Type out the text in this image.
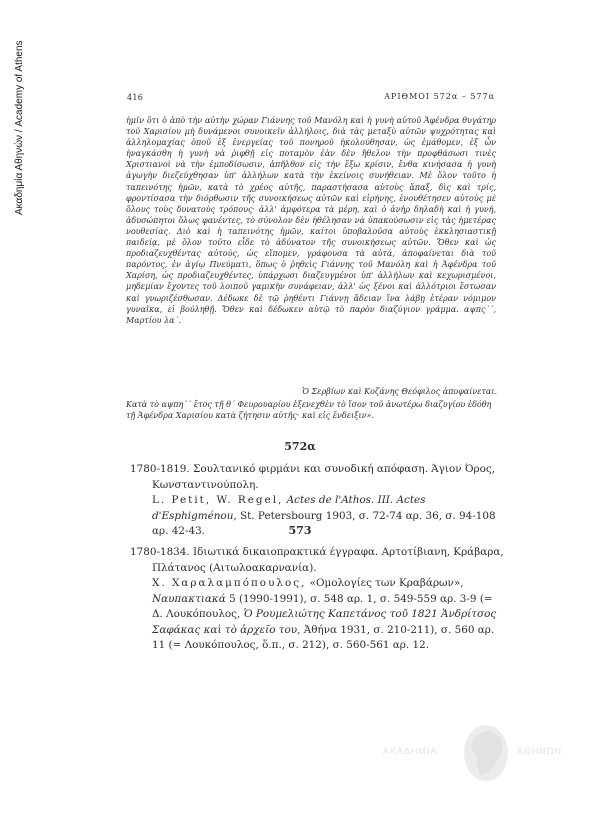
Ακαδημία Αθηνών / Academy of Athens	416	ΑΡΙΘΜΟΙ 572α – 577α

ἡμῖν ὅτι ὁ ἀπὸ τὴν αὐτὴν χώραν Γιάννης τοῦ Μανόλη καὶ ἡ γυνὴ αὐτοῦ Ἀφένδρα θυγάτηρ τοῦ Χαρισίου μὴ δυνάμενοι συνοικεῖν ἀλλήλοις, διὰ τὰς μεταξὺ αὐτῶν ψυχρότητας καὶ ἀλληλομαχίας ὁποῦ ἐξ ἐνεργείας τοῦ πονηροῦ ἠκολούθησαν, ὡς ἐμάθομεν, ἐξ ὧν ἠναγκάσθη ἡ γυνὴ νὰ ῥιφθῇ εἰς ποταμὸν ἐὰν δὲν ἤθελον τὴν προφθάσωσι τινὲς Χριστιανοὶ νὰ τὴν ἐμποδίσωσιν, ἀπῆλθον εἰς τὴν ἔξω κρίσιν, ἔνθα κινήσασα ἡ γυνὴ ἀγωγὴν διεζεύχθησαν ὑπ' ἀλλήλων κατὰ τὴν ἐκείνοις συνήθειαν. Μὲ ὅλον τοῦτο ἡ ταπεινότης ἡμῶν, κατὰ τὸ χρέος αὐτῆς, παραστήσασα αὐτοὺς ἅπαξ, δὶς καὶ τρίς, φροντίσασα τὴν διόρθωσιν τῆς συνοικήσεως αὐτῶν καὶ εἰρήνης, ἐνουθέτησεν αὐτοὺς μὲ ὅλους τοὺς δυνατοὺς τρόπους· ἀλλ' ἀμφότερα τὰ μέρη, καὶ ὁ ἀνὴρ δηλαδὴ καὶ ἡ γυνή, ἀδυσώπητοι ὅλως φανέντες, τὸ σύνολον δὲν ἠθέλησαν νὰ ὑπακούσωσιν εἰς τὰς ἡμετέρας νουθεσίας. Διὸ καὶ ἡ ταπεινότης ἡμῶν, καίτοι ὑποβαλοῦσα αὐτοὺς ἐκκλησιαστικῇ παιδείᾳ, μὲ ὅλον τοῦτο εἶδε τὸ ἀδύνατον τῆς συνοικήσεως αὐτῶν. Ὅθεν καὶ ὡς προδιαζευχθέντας αὐτούς, ὡς εἴπομεν, γράφουσα τὰ αὐτά, ἀποφαίνεται διὰ τοῦ παρόντος, ἐν ἁγίῳ Πνεύματι, ὅπως ὁ ῥηθεὶς Γιάννης τοῦ Μανόλη καὶ ἡ Ἀφένδρα τοῦ Χαρίση, ὡς προδιαζευχθέντες, ὑπάρχωσι διαζευγμένοι ὑπ' ἀλλήλων καὶ κεχωρισμένοι, μηδεμίαν ἔχοντες τοῦ λοιποῦ γαμικὴν συνάφειαν, ἀλλ' ὡς ξένοι καὶ ἀλλότριοι ἔστωσαν καὶ γνωριζέσθωσαν. Δέδωκε δὲ τῷ ῥηθέντι Γιάννῃ ἄδειαν ἵνα λάβῃ ἑτέραν νόμιμον γυναῖκα, εἰ βούληθῇ. Ὅθεν καὶ δέδωκεν αὐτῷ τὸ παρὸν διαζύγιον γράμμα. αψπς΄΄, Μαρτίου λα΄.

Ὁ Σερβίων καὶ Κοζάνης Θεόφιλος ἀποφαίνεται.
Κατὰ τὸ αψπη΄΄ ἔτος τῇ θ΄ Φευρουαρίου ἐξενεχθὲν τὸ ἴσον τοῦ ἀνωτέρω διαζυγίου ἐδόθη τῇ Ἀφένδρα Χαρισίου κατὰ ζήτησιν αὐτῆς· καὶ εἰς ἔνδειξιν».
572α

1780-1819. Σουλτανικό φιρμάνι και συνοδική απόφαση. Άγιον Όρος, Κωνσταντινούπολη.

L. Petit, W. Regel, Actes de l'Athos. III. Actes d'Esphigménou, St. Petersbourg 1903, σ. 72-74 αρ. 36, σ. 94-108 αρ. 42-43.	573

1780-1834. Ιδιωτικά δικαιοπρακτικά έγγραφα. Αρτοτίβιανη, Κράβαρα, Πλάτανος (Αιτωλοακαρνανία).

Χ. Χαραλαμπόπουλος, «Ομολογίες των Κραβάρων», Ναυπακτιακά 5 (1990-1991), σ. 548 αρ. 1, σ. 549-559 αρ. 3-9 (= Δ. Λουκόπουλος, Ὁ Ρουμελιώτης Καπετάνος τοῦ 1821 Ἀνδρίτσος Σαφάκας καὶ τὸ ἀρχεῖο του, Ἀθήνα 1931, σ. 210-211), σ. 560 αρ. 11 (= Λουκόπουλος, ὅ.π., σ. 212), σ. 560-561 αρ. 12.

ΑΚΑΔΗΜΙΑ	ΑΘΗΝΩΝ
